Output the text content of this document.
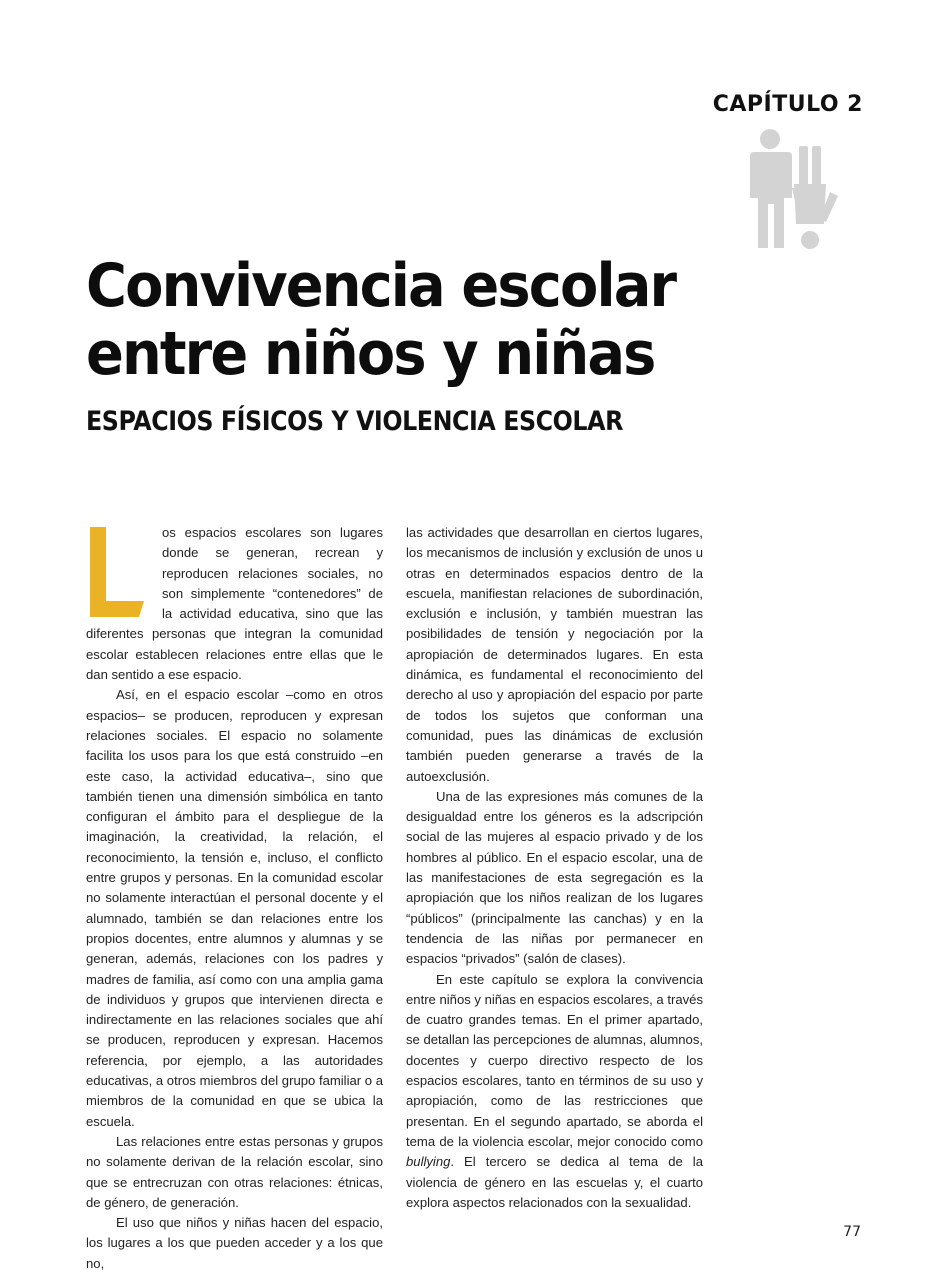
CAPÍTULO 2
Convivencia escolar
entre niños y niñas
ESPACIOS FÍSICOS Y VIOLENCIA ESCOLAR

os espacios escolares son lugares donde se generan, recrean y reproducen relaciones sociales, no son simplemente “contenedores” de la actividad educativa, sino que las diferentes personas que integran la comunidad escolar establecen relaciones entre ellas que le dan sentido a ese espacio.

Así, en el espacio escolar –como en otros espacios– se producen, reproducen y expresan relaciones sociales. El espacio no solamente facilita los usos para los que está construido –en este caso, la actividad educativa–, sino que también tienen una dimensión simbólica en tanto configuran el ámbito para el despliegue de la imaginación, la creatividad, la relación, el reconocimiento, la tensión e, incluso, el conflicto entre grupos y personas. En la comunidad escolar no solamente interactúan el personal docente y el alumnado, también se dan relaciones entre los propios docentes, entre alumnos y alumnas y se generan, además, relaciones con los padres y madres de familia, así como con una amplia gama de individuos y grupos que intervienen directa e indirectamente en las relaciones sociales que ahí se producen, reproducen y expresan. Hacemos referencia, por ejemplo, a las autoridades educativas, a otros miembros del grupo familiar o a miembros de la comunidad en que se ubica la escuela.

Las relaciones entre estas personas y grupos no solamente derivan de la relación escolar, sino que se entrecruzan con otras relaciones: étnicas, de género, de generación.

El uso que niños y niñas hacen del espacio, los lugares a los que pueden acceder y a los que no,

las actividades que desarrollan en ciertos lugares, los mecanismos de inclusión y exclusión de unos u otras en determinados espacios dentro de la escuela, manifiestan relaciones de subordinación, exclusión e inclusión, y también muestran las posibilidades de tensión y negociación por la apropiación de determinados lugares. En esta dinámica, es fundamental el reconocimiento del derecho al uso y apropiación del espacio por parte de todos los sujetos que conforman una comunidad, pues las dinámicas de exclusión también pueden generarse a través de la autoexclusión.

Una de las expresiones más comunes de la desigualdad entre los géneros es la adscripción social de las mujeres al espacio privado y de los hombres al público. En el espacio escolar, una de las manifestaciones de esta segregación es la apropiación que los niños realizan de los lugares “públicos” (principalmente las canchas) y en la tendencia de las niñas por permanecer en espacios “privados” (salón de clases).

En este capítulo se explora la convivencia entre niños y niñas en espacios escolares, a través de cuatro grandes temas. En el primer apartado, se detallan las percepciones de alumnas, alumnos, docentes y cuerpo directivo respecto de los espacios escolares, tanto en términos de su uso y apropiación, como de las restricciones que presentan. En el segundo apartado, se aborda el tema de la violencia escolar, mejor conocido como bullying. El tercero se dedica al tema de la violencia de género en las escuelas y, el cuarto explora aspectos relacionados con la sexualidad.

77
